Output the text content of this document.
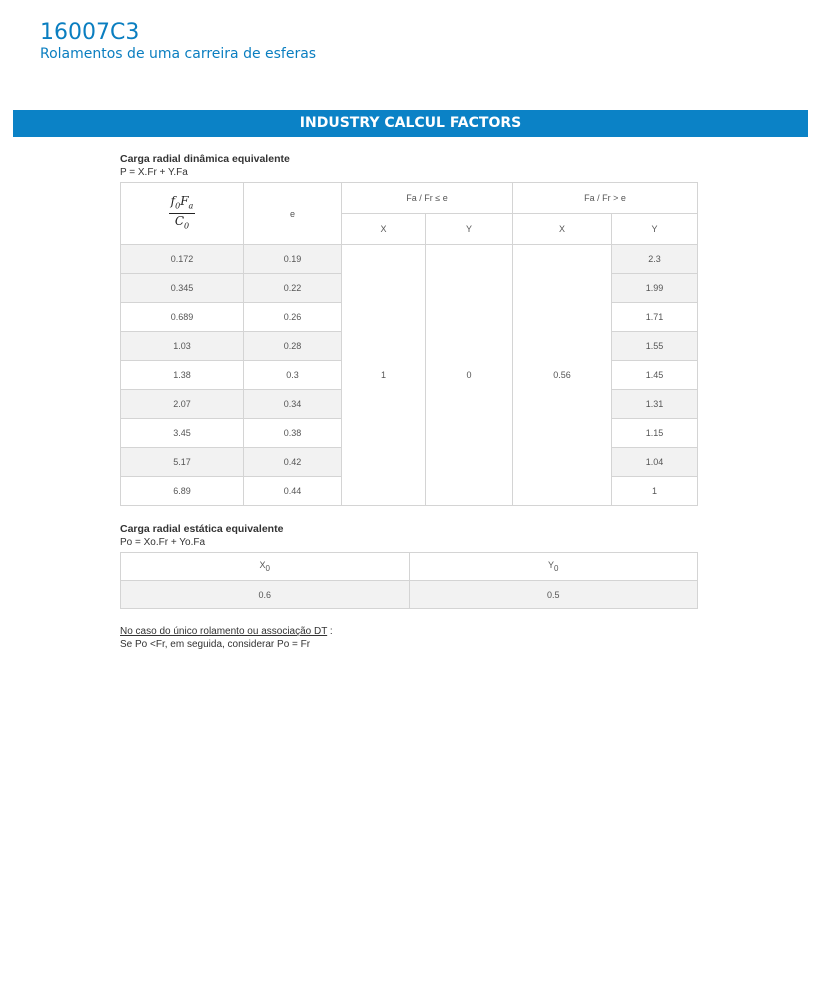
16007C3
Rolamentos de uma carreira de esferas
INDUSTRY CALCUL FACTORS
Carga radial dinâmica equivalente
P = X.Fr + Y.Fa
$\frac{f_0F_a}{C_0}$	e	Fa / Fr ≤ e		Fa / Fr > e	
		X	Y	X	Y
0.172	0.19	1	0	0.56	2.3
0.345	0.22				1.99
0.689	0.26				1.71
1.03	0.28				1.55
1.38	0.3				1.45
2.07	0.34				1.31
3.45	0.38				1.15
5.17	0.42				1.04
6.89	0.44				1
Carga radial estática equivalente
Po = Xo.Fr + Yo.Fa
$X_0$	$Y_0$
0.6	0.5
No caso do único rolamento ou associação DT :
Se Po <Fr, em seguida, considerar Po = Fr
